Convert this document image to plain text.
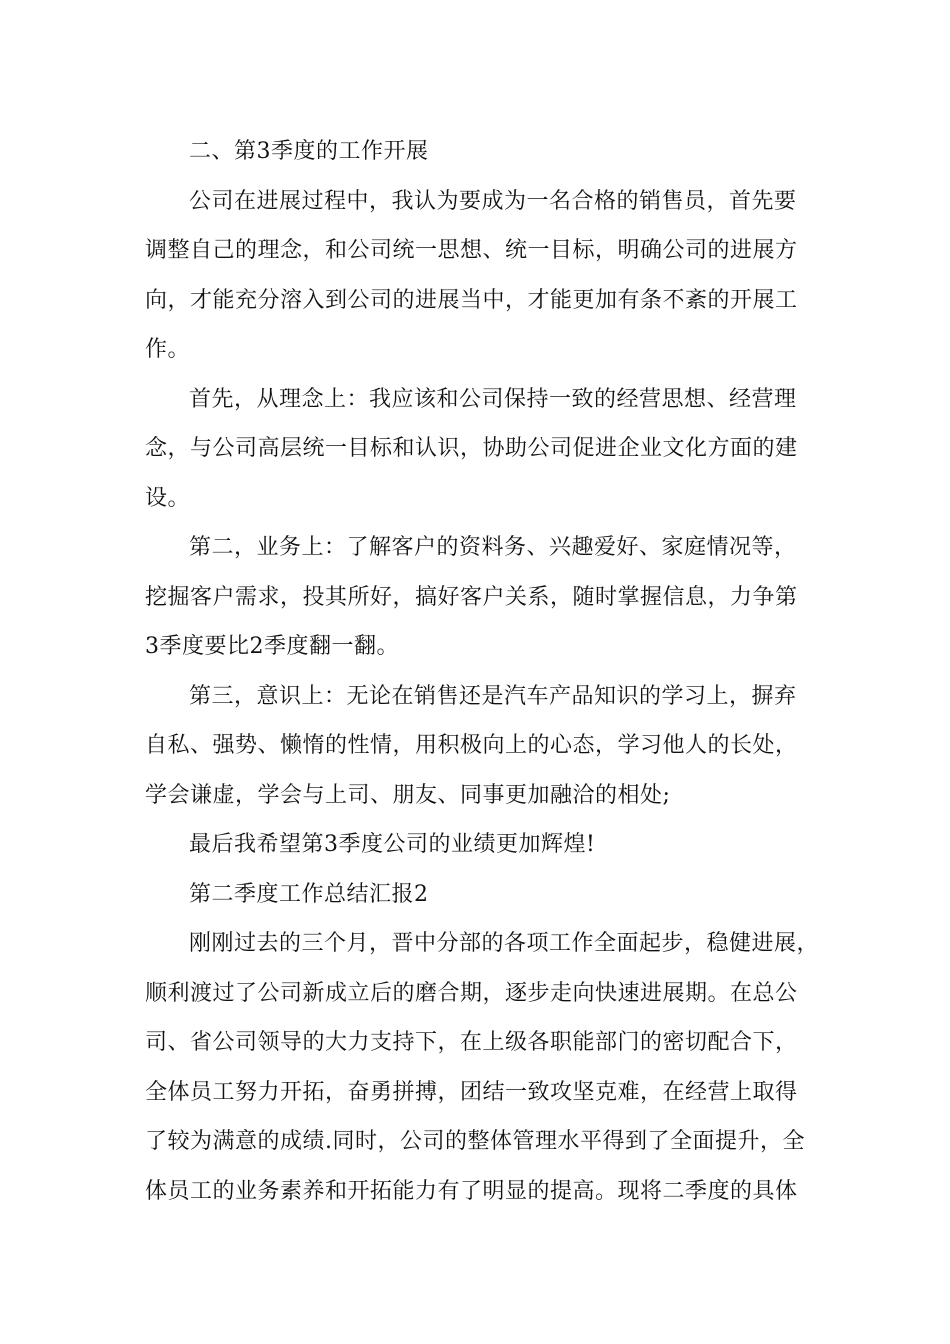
二、第3季度的工作开展

公司在进展过程中，我认为要成为一名合格的销售员，首先要
调整自己的理念，和公司统一思想、统一目标，明确公司的进展方
向，才能充分溶入到公司的进展当中，才能更加有条不紊的开展工
作。

首先，从理念上：我应该和公司保持一致的经营思想、经营理
念，与公司高层统一目标和认识，协助公司促进企业文化方面的建
设。

第二，业务上：了解客户的资料务、兴趣爱好、家庭情况等，
挖掘客户需求，投其所好，搞好客户关系，随时掌握信息，力争第
3季度要比2季度翻一翻。

第三，意识上：无论在销售还是汽车产品知识的学习上，摒弃
自私、强势、懒惰的性情，用积极向上的心态，学习他人的长处，
学会谦虚，学会与上司、朋友、同事更加融洽的相处;

最后我希望第3季度公司的业绩更加辉煌!

第二季度工作总结汇报2

刚刚过去的三个月，晋中分部的各项工作全面起步，稳健进展，
顺利渡过了公司新成立后的磨合期，逐步走向快速进展期。在总公
司、省公司领导的大力支持下，在上级各职能部门的密切配合下，
全体员工努力开拓，奋勇拼搏，团结一致攻坚克难，在经营上取得
了较为满意的成绩.同时，公司的整体管理水平得到了全面提升，全
体员工的业务素养和开拓能力有了明显的提高。现将二季度的具体
